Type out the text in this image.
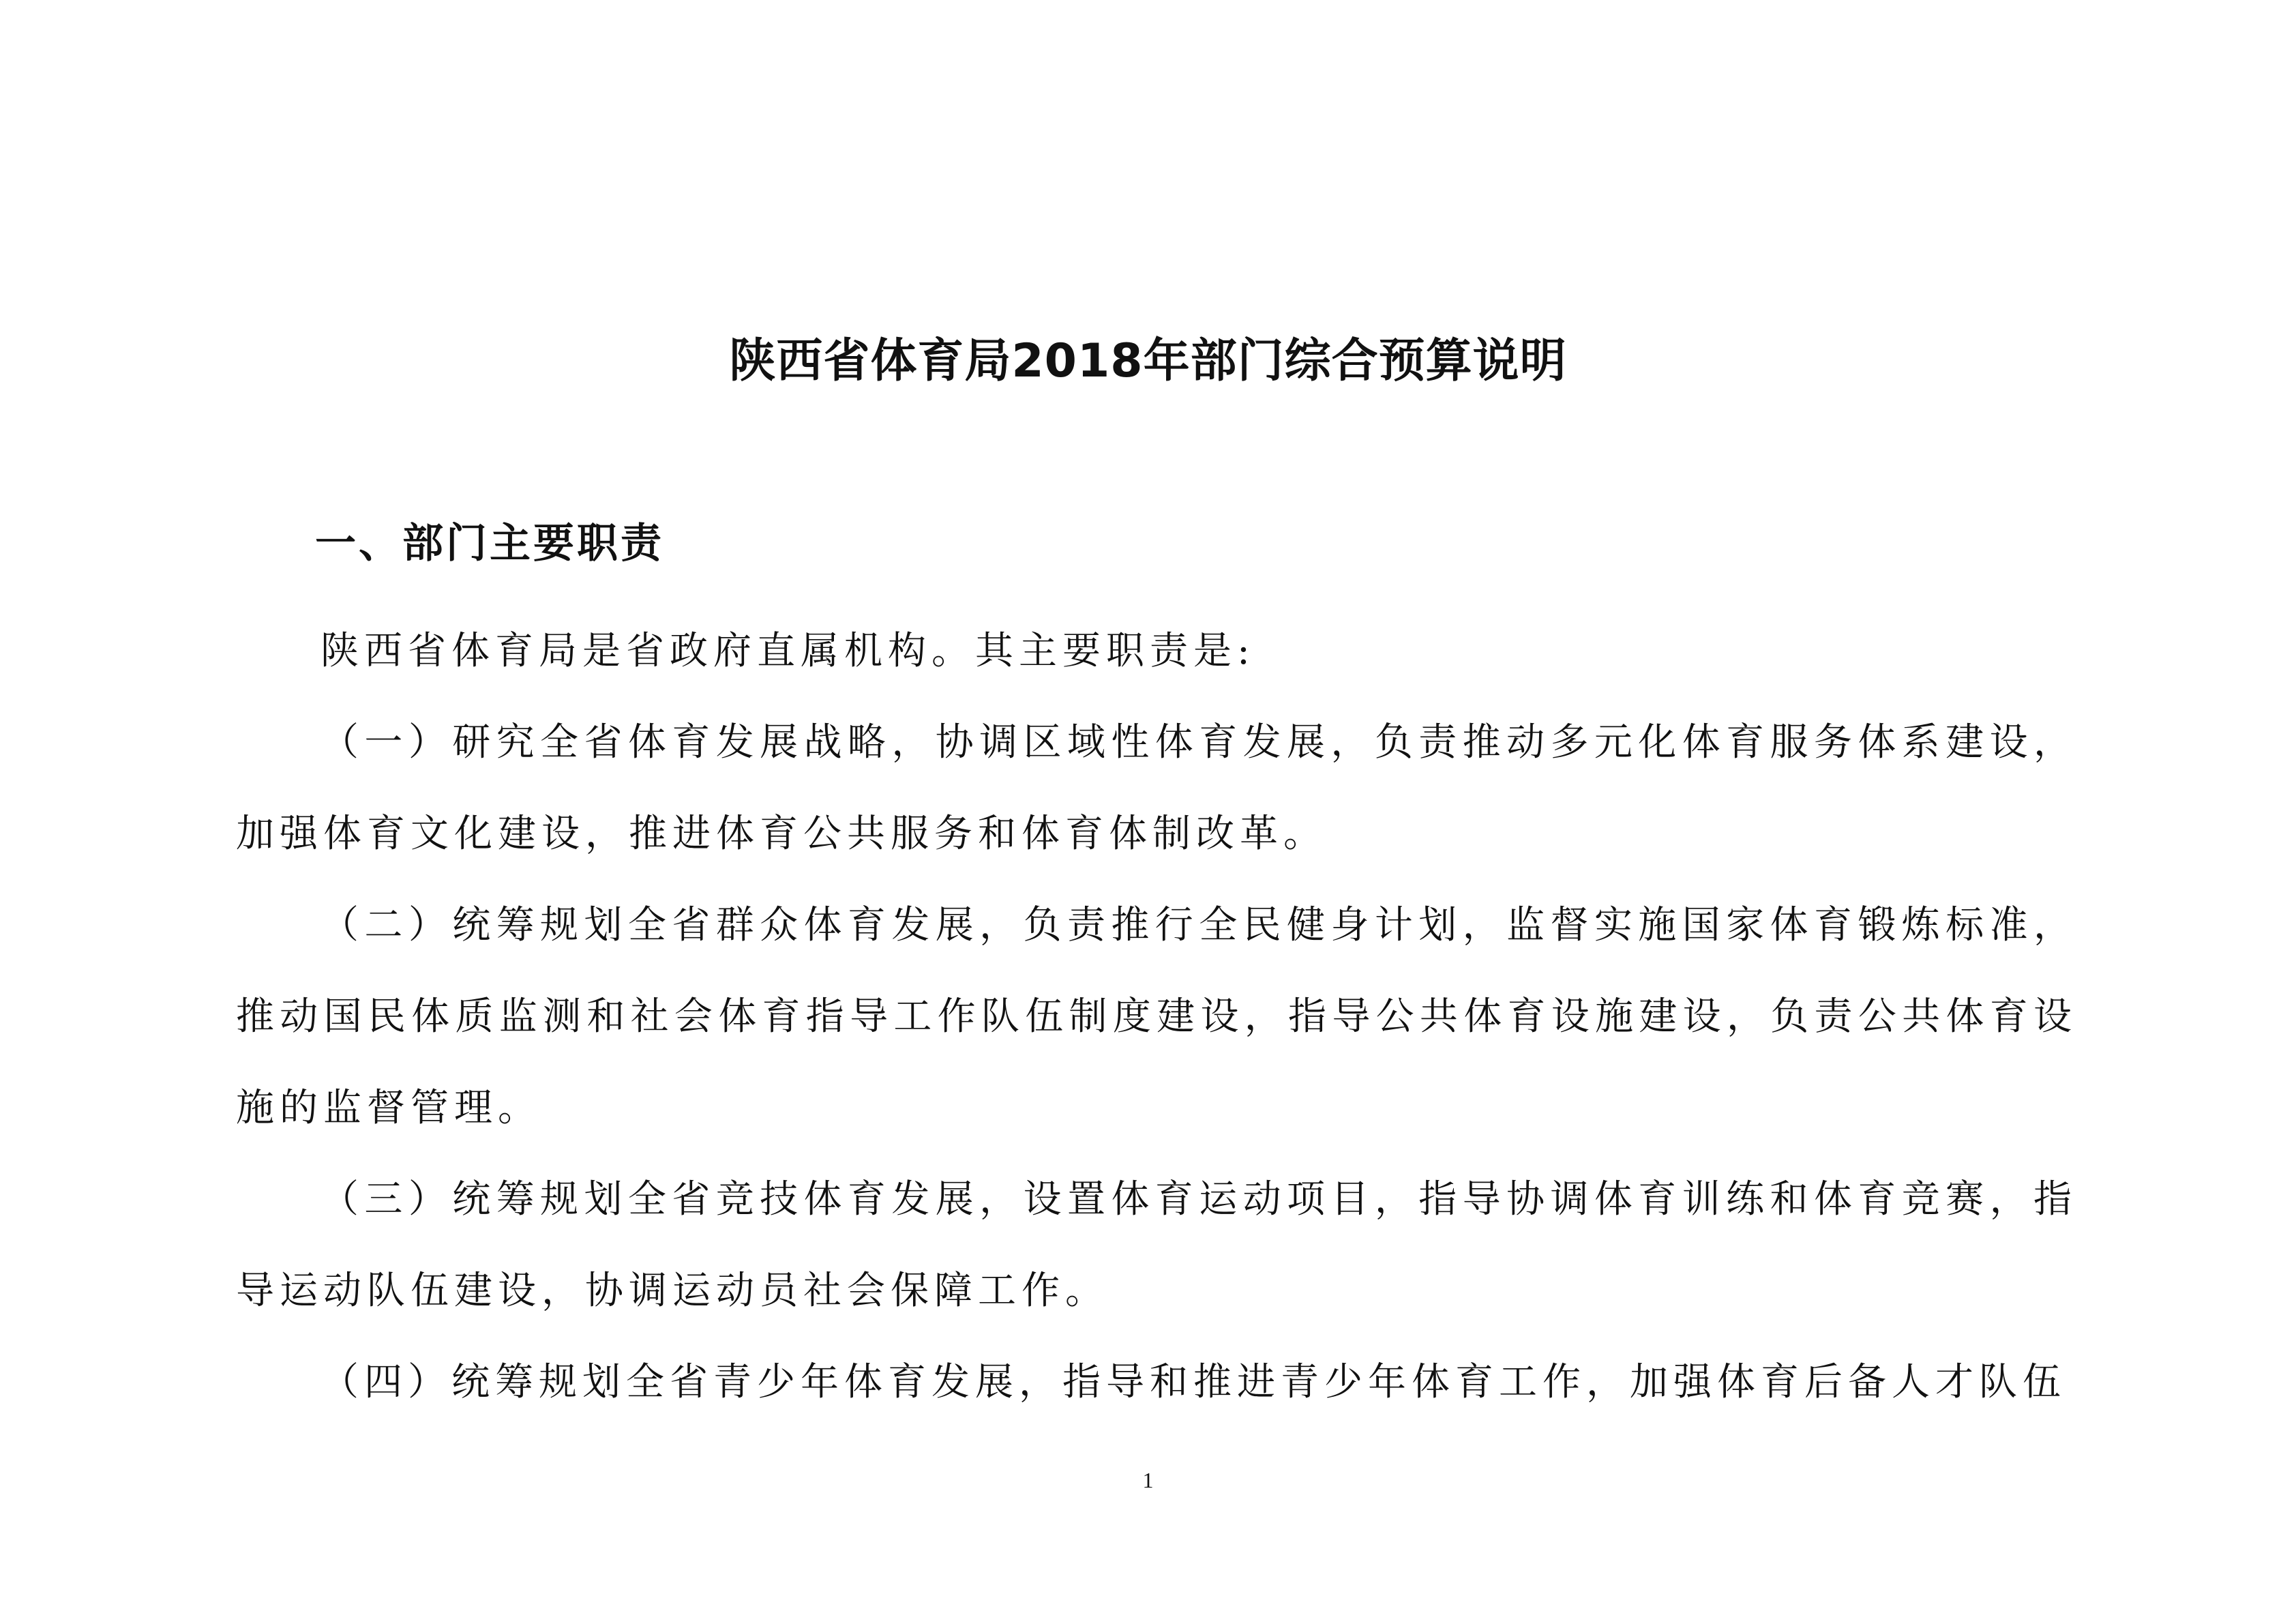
陕西省体育局2018年部门综合预算说明
一、部门主要职责

陕西省体育局是省政府直属机构。其主要职责是:

（一）研究全省体育发展战略，协调区域性体育发展，负责推动多元化体育服务体系建设，加强体育文化建设，推进体育公共服务和体育体制改革。

（二）统筹规划全省群众体育发展，负责推行全民健身计划，监督实施国家体育锻炼标准，推动国民体质监测和社会体育指导工作队伍制度建设，指导公共体育设施建设，负责公共体育设施的监督管理。

（三）统筹规划全省竞技体育发展，设置体育运动项目，指导协调体育训练和体育竞赛，指导运动队伍建设，协调运动员社会保障工作。

（四）统筹规划全省青少年体育发展，指导和推进青少年体育工作，加强体育后备人才队伍

1
